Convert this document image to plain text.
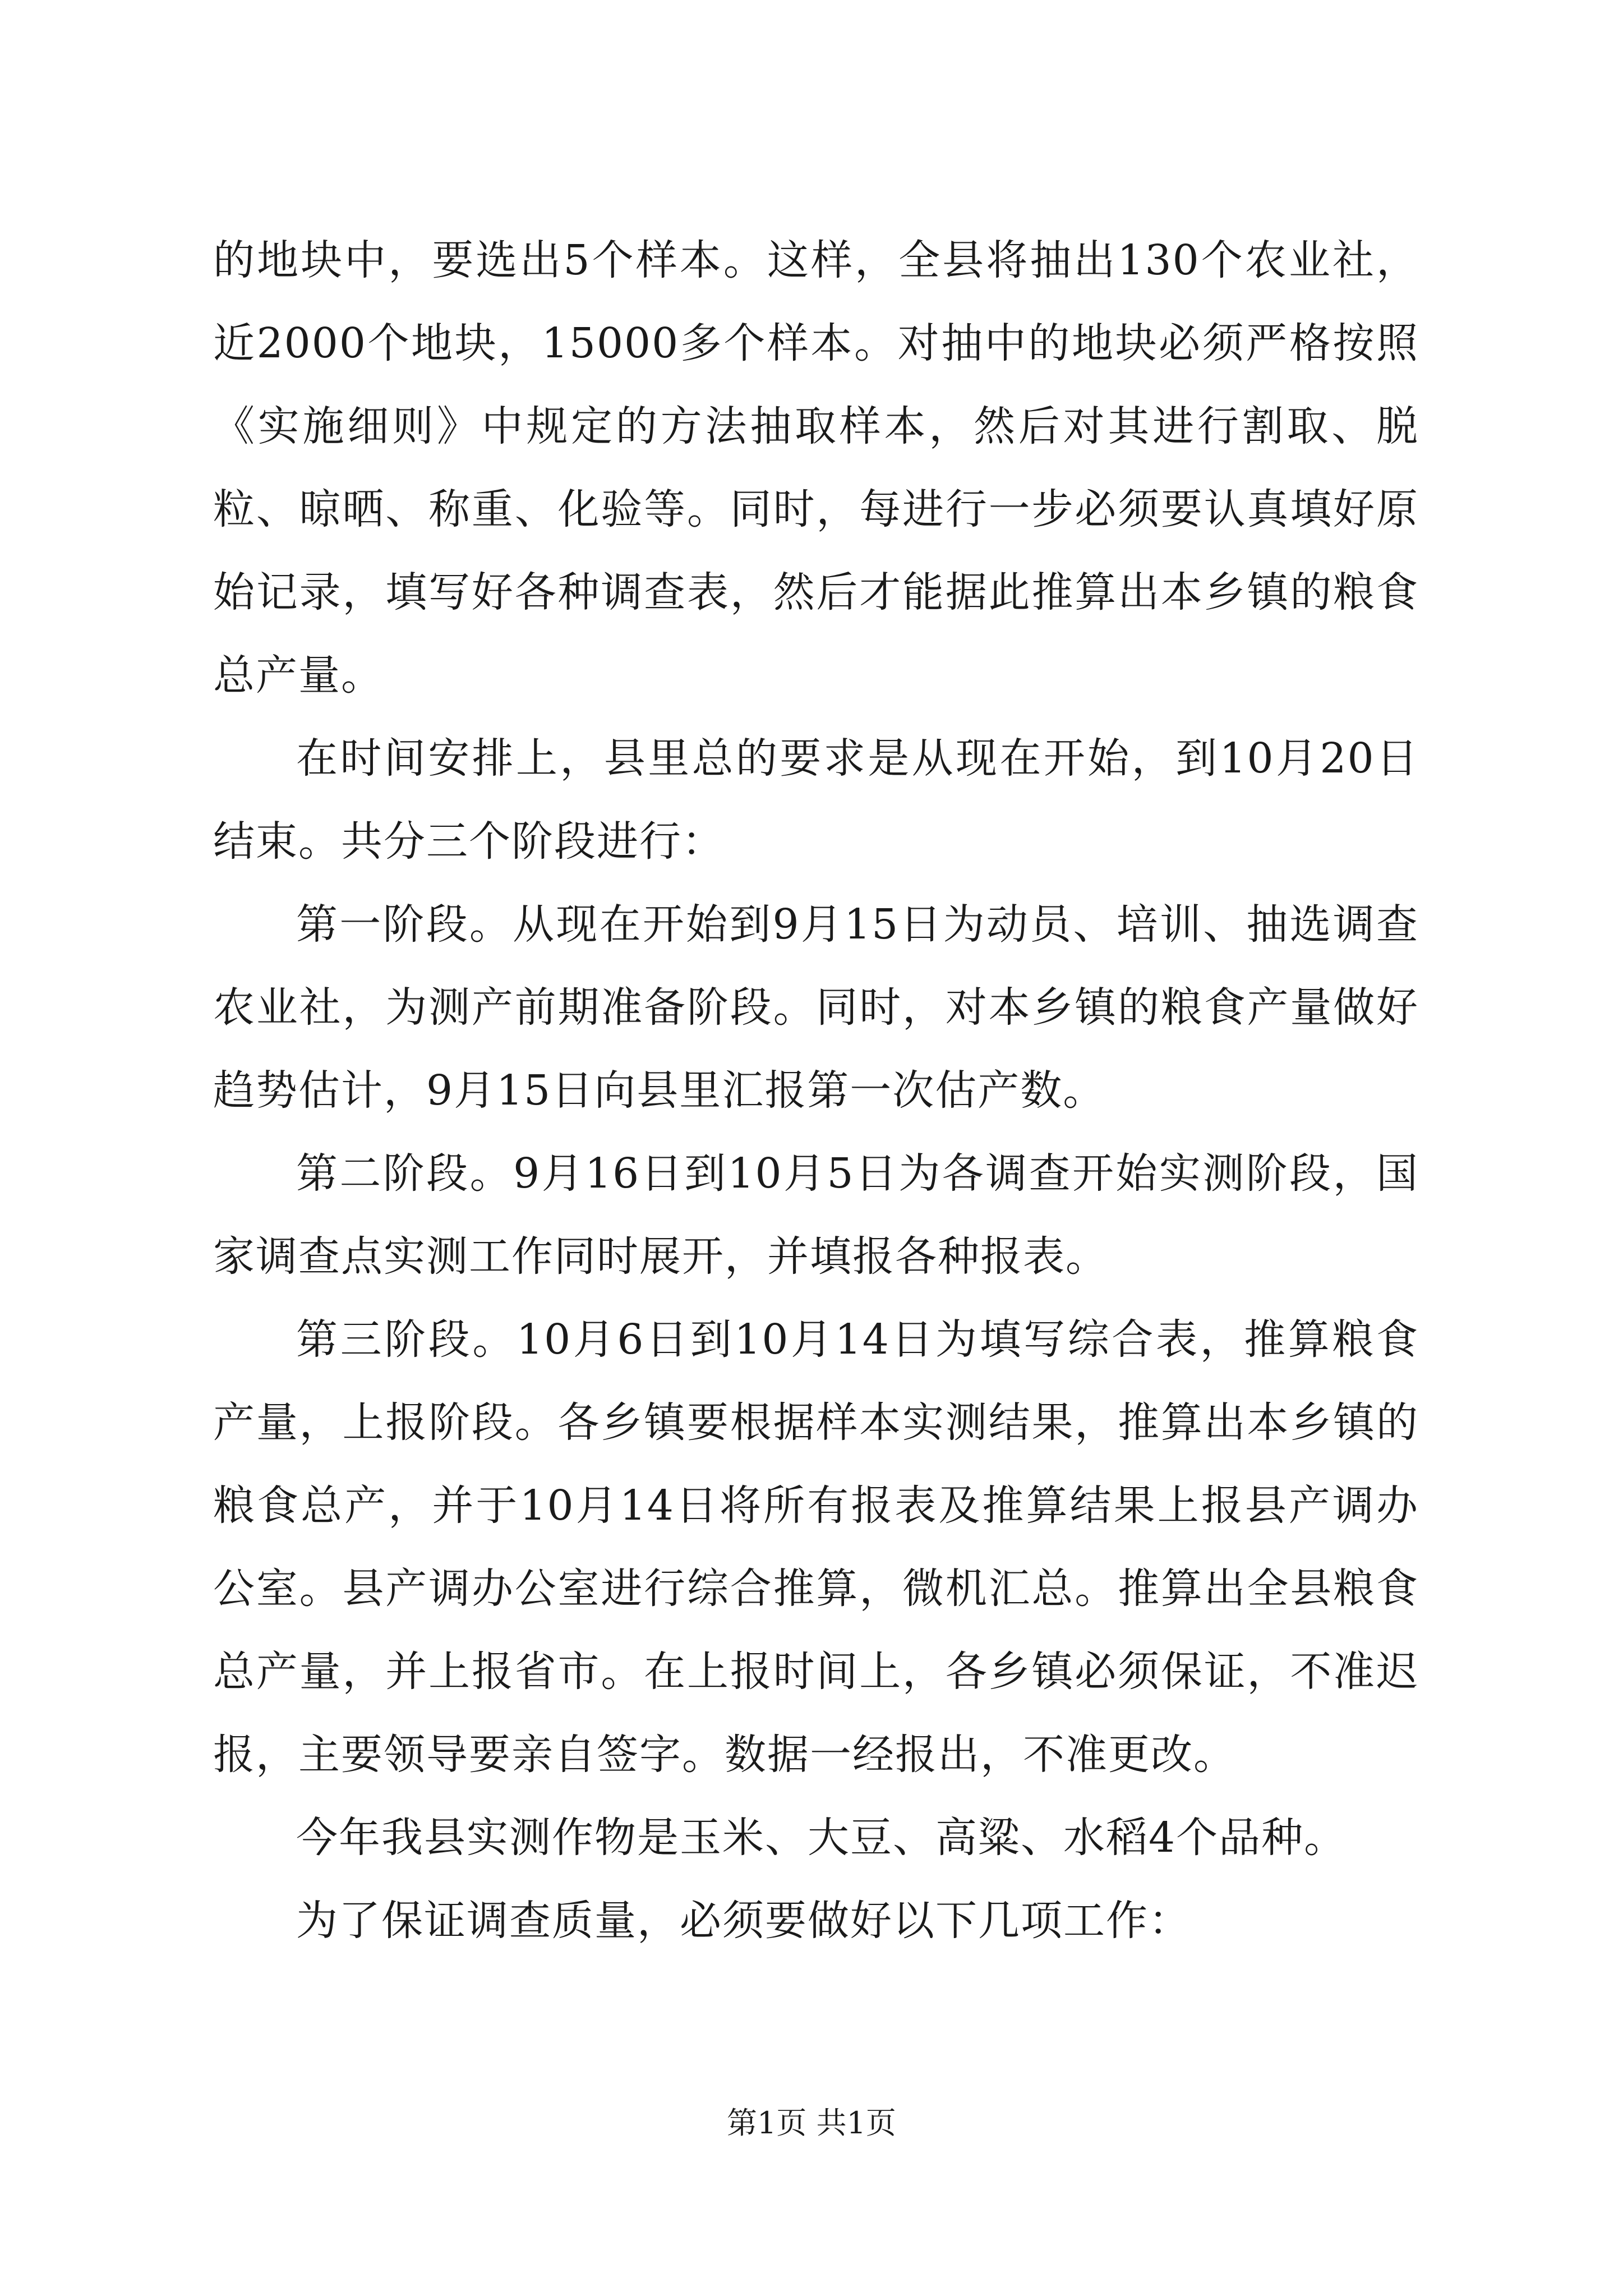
的地块中，要选出5个样本。这样，全县将抽出130个农业社，近2000个地块，15000多个样本。对抽中的地块必须严格按照《实施细则》中规定的方法抽取样本，然后对其进行割取、脱粒、晾晒、称重、化验等。同时，每进行一步必须要认真填好原始记录，填写好各种调查表，然后才能据此推算出本乡镇的粮食总产量。

在时间安排上，县里总的要求是从现在开始，到10月20日结束。共分三个阶段进行：

第一阶段。从现在开始到9月15日为动员、培训、抽选调查农业社，为测产前期准备阶段。同时，对本乡镇的粮食产量做好趋势估计，9月15日向县里汇报第一次估产数。

第二阶段。9月16日到10月5日为各调查开始实测阶段，国家调查点实测工作同时展开，并填报各种报表。

第三阶段。10月6日到10月14日为填写综合表，推算粮食产量，上报阶段。各乡镇要根据样本实测结果，推算出本乡镇的粮食总产，并于10月14日将所有报表及推算结果上报县产调办公室。县产调办公室进行综合推算，微机汇总。推算出全县粮食总产量，并上报省市。在上报时间上，各乡镇必须保证，不准迟报，主要领导要亲自签字。数据一经报出，不准更改。

今年我县实测作物是玉米、大豆、高粱、水稻4个品种。

为了保证调查质量，必须要做好以下几项工作：

第1页 共1页
